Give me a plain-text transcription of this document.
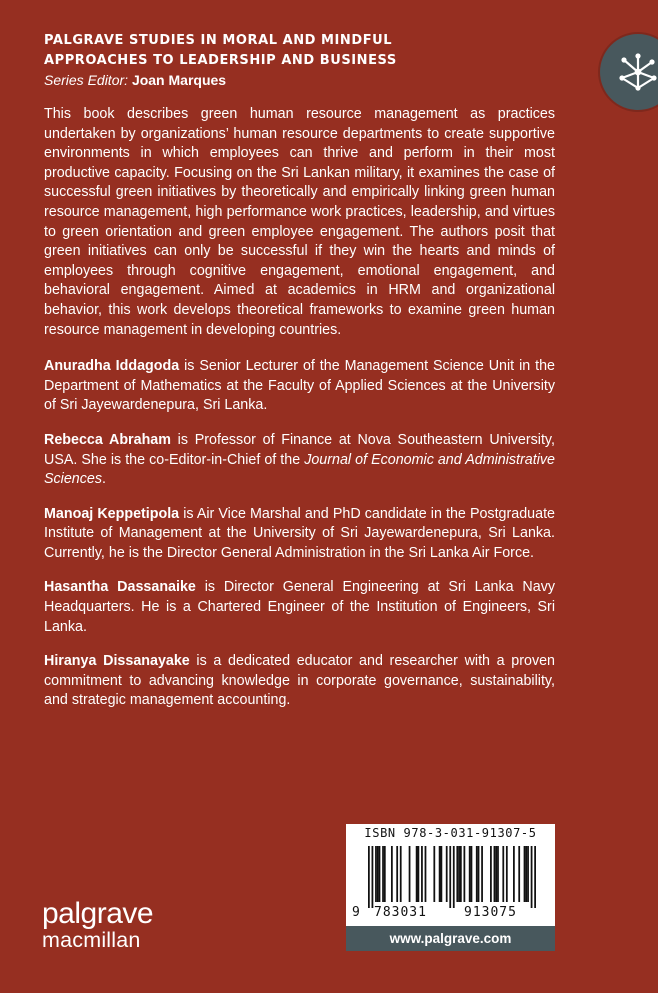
PALGRAVE STUDIES IN MORAL AND MINDFUL

APPROACHES TO LEADERSHIP AND BUSINESS

Series Editor: Joan Marques

This book describes green human resource management as practices undertaken by organizations’ human resource departments to create supportive environments in which employees can thrive and perform in their most productive capacity. Focusing on the Sri Lankan military, it examines the case of successful green initiatives by theoretically and empirically linking green human resource management, high performance work practices, leadership, and virtues to green orientation and green employee engagement. The authors posit that green initiatives can only be successful if they win the hearts and minds of employees through cognitive engagement, emotional engagement, and behavioral engagement. Aimed at academics in HRM and organizational behavior, this work develops theoretical frameworks to examine green human resource management in developing countries.

Anuradha Iddagoda is Senior Lecturer of the Management Science Unit in the Department of Mathematics at the Faculty of Applied Sciences at the University of Sri Jayewardenepura, Sri Lanka.

Rebecca Abraham is Professor of Finance at Nova Southeastern University, USA. She is the co-Editor-in-Chief of the Journal of Economic and Administrative Sciences.

Manoaj Keppetipola is Air Vice Marshal and PhD candidate in the Postgraduate Institute of Management at the University of Sri Jayewardenepura, Sri Lanka. Currently, he is the Director General Administration in the Sri Lanka Air Force.

Hasantha Dassanaike is Director General Engineering at Sri Lanka Navy Headquarters. He is a Chartered Engineer of the Institution of Engineers, Sri Lanka.

Hiranya Dissanayake is a dedicated educator and researcher with a proven commitment to advancing knowledge in corporate governance, sustainability, and strategic management accounting.

ISBN 978-3-031-91307-5
9 783031	913075
www.palgrave.com
palgrave
macmillan
